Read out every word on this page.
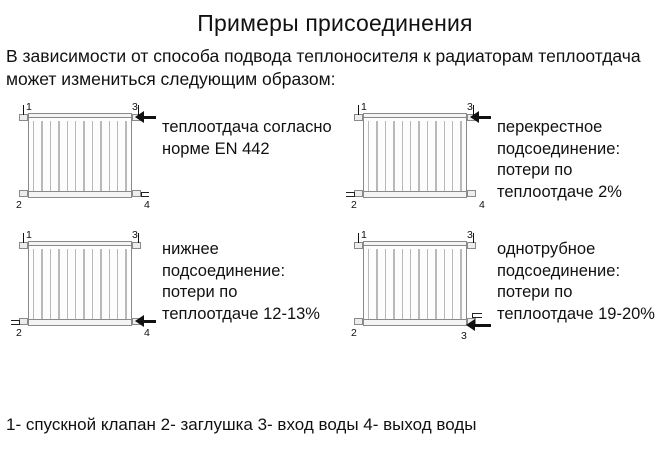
Примеры присоединения
В зависимости от способа подвода теплоносителя к радиаторам теплоотдача может измениться следующим образом:
1	3
2	4
теплоотдача согласно норме EN 442
1	3
2	4
перекрестное подсоединение: потери по теплоотдаче 2%
1	3
2	4
нижнее подсоединение: потери по теплоотдаче 12-13%
1	3
2	3
однотрубное подсоединение: потери по теплоотдаче 19-20%
1- спускной клапан 2- заглушка 3- вход воды 4- выход воды
